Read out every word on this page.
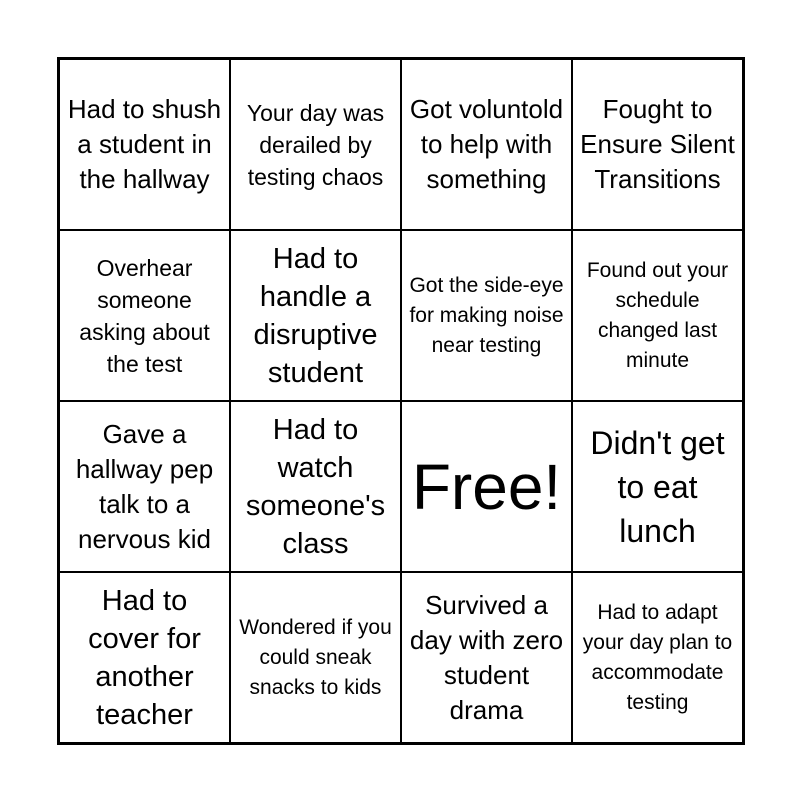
Had to shush a student in the hallway
Your day was derailed by testing chaos
Got voluntold to help with something
Fought to Ensure Silent Transitions
Overhear someone asking about the test
Had to handle a disruptive student
Got the side-eye for making noise near testing
Found out your schedule changed last minute
Gave a hallway pep talk to a nervous kid
Had to watch someone's class
Free!
Didn't get to eat lunch
Had to cover for another teacher
Wondered if you could sneak snacks to kids
Survived a day with zero student drama
Had to adapt your day plan to accommodate testing
